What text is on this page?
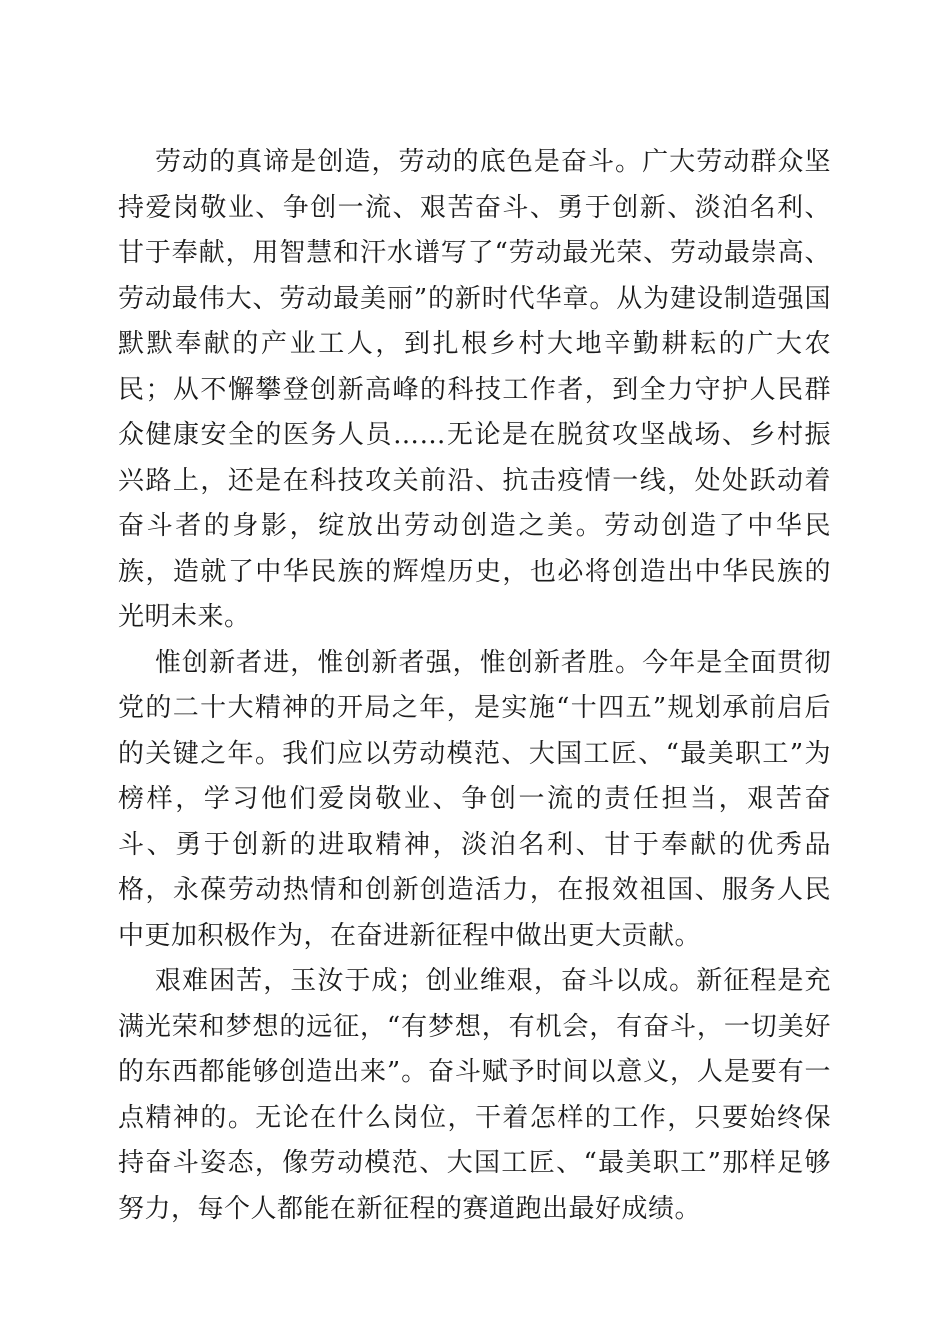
劳动的真谛是创造，劳动的底色是奋斗。广大劳动群众坚持爱岗敬业、争创一流、艰苦奋斗、勇于创新、淡泊名利、甘于奉献，用智慧和汗水谱写了“劳动最光荣、劳动最崇高、劳动最伟大、劳动最美丽”的新时代华章。从为建设制造强国默默奉献的产业工人，到扎根乡村大地辛勤耕耘的广大农民；从不懈攀登创新高峰的科技工作者，到全力守护人民群众健康安全的医务人员……无论是在脱贫攻坚战场、乡村振兴路上，还是在科技攻关前沿、抗击疫情一线，处处跃动着奋斗者的身影，绽放出劳动创造之美。劳动创造了中华民族，造就了中华民族的辉煌历史，也必将创造出中华民族的光明未来。

惟创新者进，惟创新者强，惟创新者胜。今年是全面贯彻党的二十大精神的开局之年，是实施“十四五”规划承前启后的关键之年。我们应以劳动模范、大国工匠、“最美职工”为榜样，学习他们爱岗敬业、争创一流的责任担当，艰苦奋斗、勇于创新的进取精神，淡泊名利、甘于奉献的优秀品格，永葆劳动热情和创新创造活力，在报效祖国、服务人民中更加积极作为，在奋进新征程中做出更大贡献。

艰难困苦，玉汝于成；创业维艰，奋斗以成。新征程是充满光荣和梦想的远征，“有梦想，有机会，有奋斗，一切美好的东西都能够创造出来”。奋斗赋予时间以意义，人是要有一点精神的。无论在什么岗位，干着怎样的工作，只要始终保持奋斗姿态，像劳动模范、大国工匠、“最美职工”那样足够努力，每个人都能在新征程的赛道跑出最好成绩。
